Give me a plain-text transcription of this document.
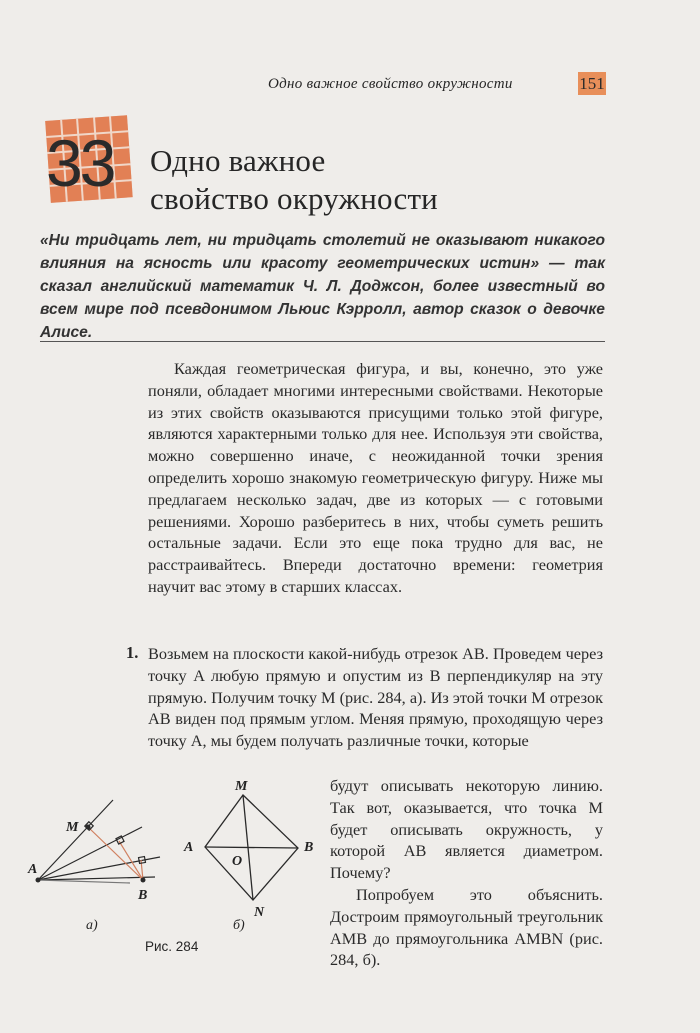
Одно важное свойство окружности	151
33 Одно важное
свойство окружности
«Ни тридцать лет, ни тридцать столетий не оказывают никакого влияния на ясность или красоту геометрических истин» — так сказал английский математик Ч. Л. Доджсон, более известный во всем мире под псевдонимом Льюис Кэрролл, автор сказок о девочке Алисе.

Каждая геометрическая фигура, и вы, конечно, это уже поняли, обладает многими интересными свойствами. Некоторые из этих свойств оказываются присущими только этой фигуре, являются характерными только для нее. Используя эти свойства, можно совершенно иначе, с неожиданной точки зрения определить хорошо знакомую геометрическую фигуру. Ниже мы предлагаем несколько задач, две из которых — с готовыми решениями. Хорошо разберитесь в них, чтобы суметь решить остальные задачи. Если это еще пока трудно для вас, не расстраивайтесь. Впереди достаточно времени: геометрия научит вас этому в старших классах.

1. Возьмем на плоскости какой-нибудь отрезок AB. Проведем через точку A любую прямую и опустим из B перпендикуляр на эту прямую. Получим точку M (рис. 284, a). Из этой точки M отрезок AB виден под прямым углом. Меняя прямую, проходящую через точку A, мы будем получать различные точки, которые

будут описывать некоторую линию. Так вот, оказывается, что точка M будет описывать окружность, у которой AB является диаметром. Почему?

Попробуем это объяснить. Достроим прямоугольный треугольник AMB до прямоугольника AMBN (рис. 284, б).

M
A
B
M
A	B
O
N
а)	б)
Рис. 284
